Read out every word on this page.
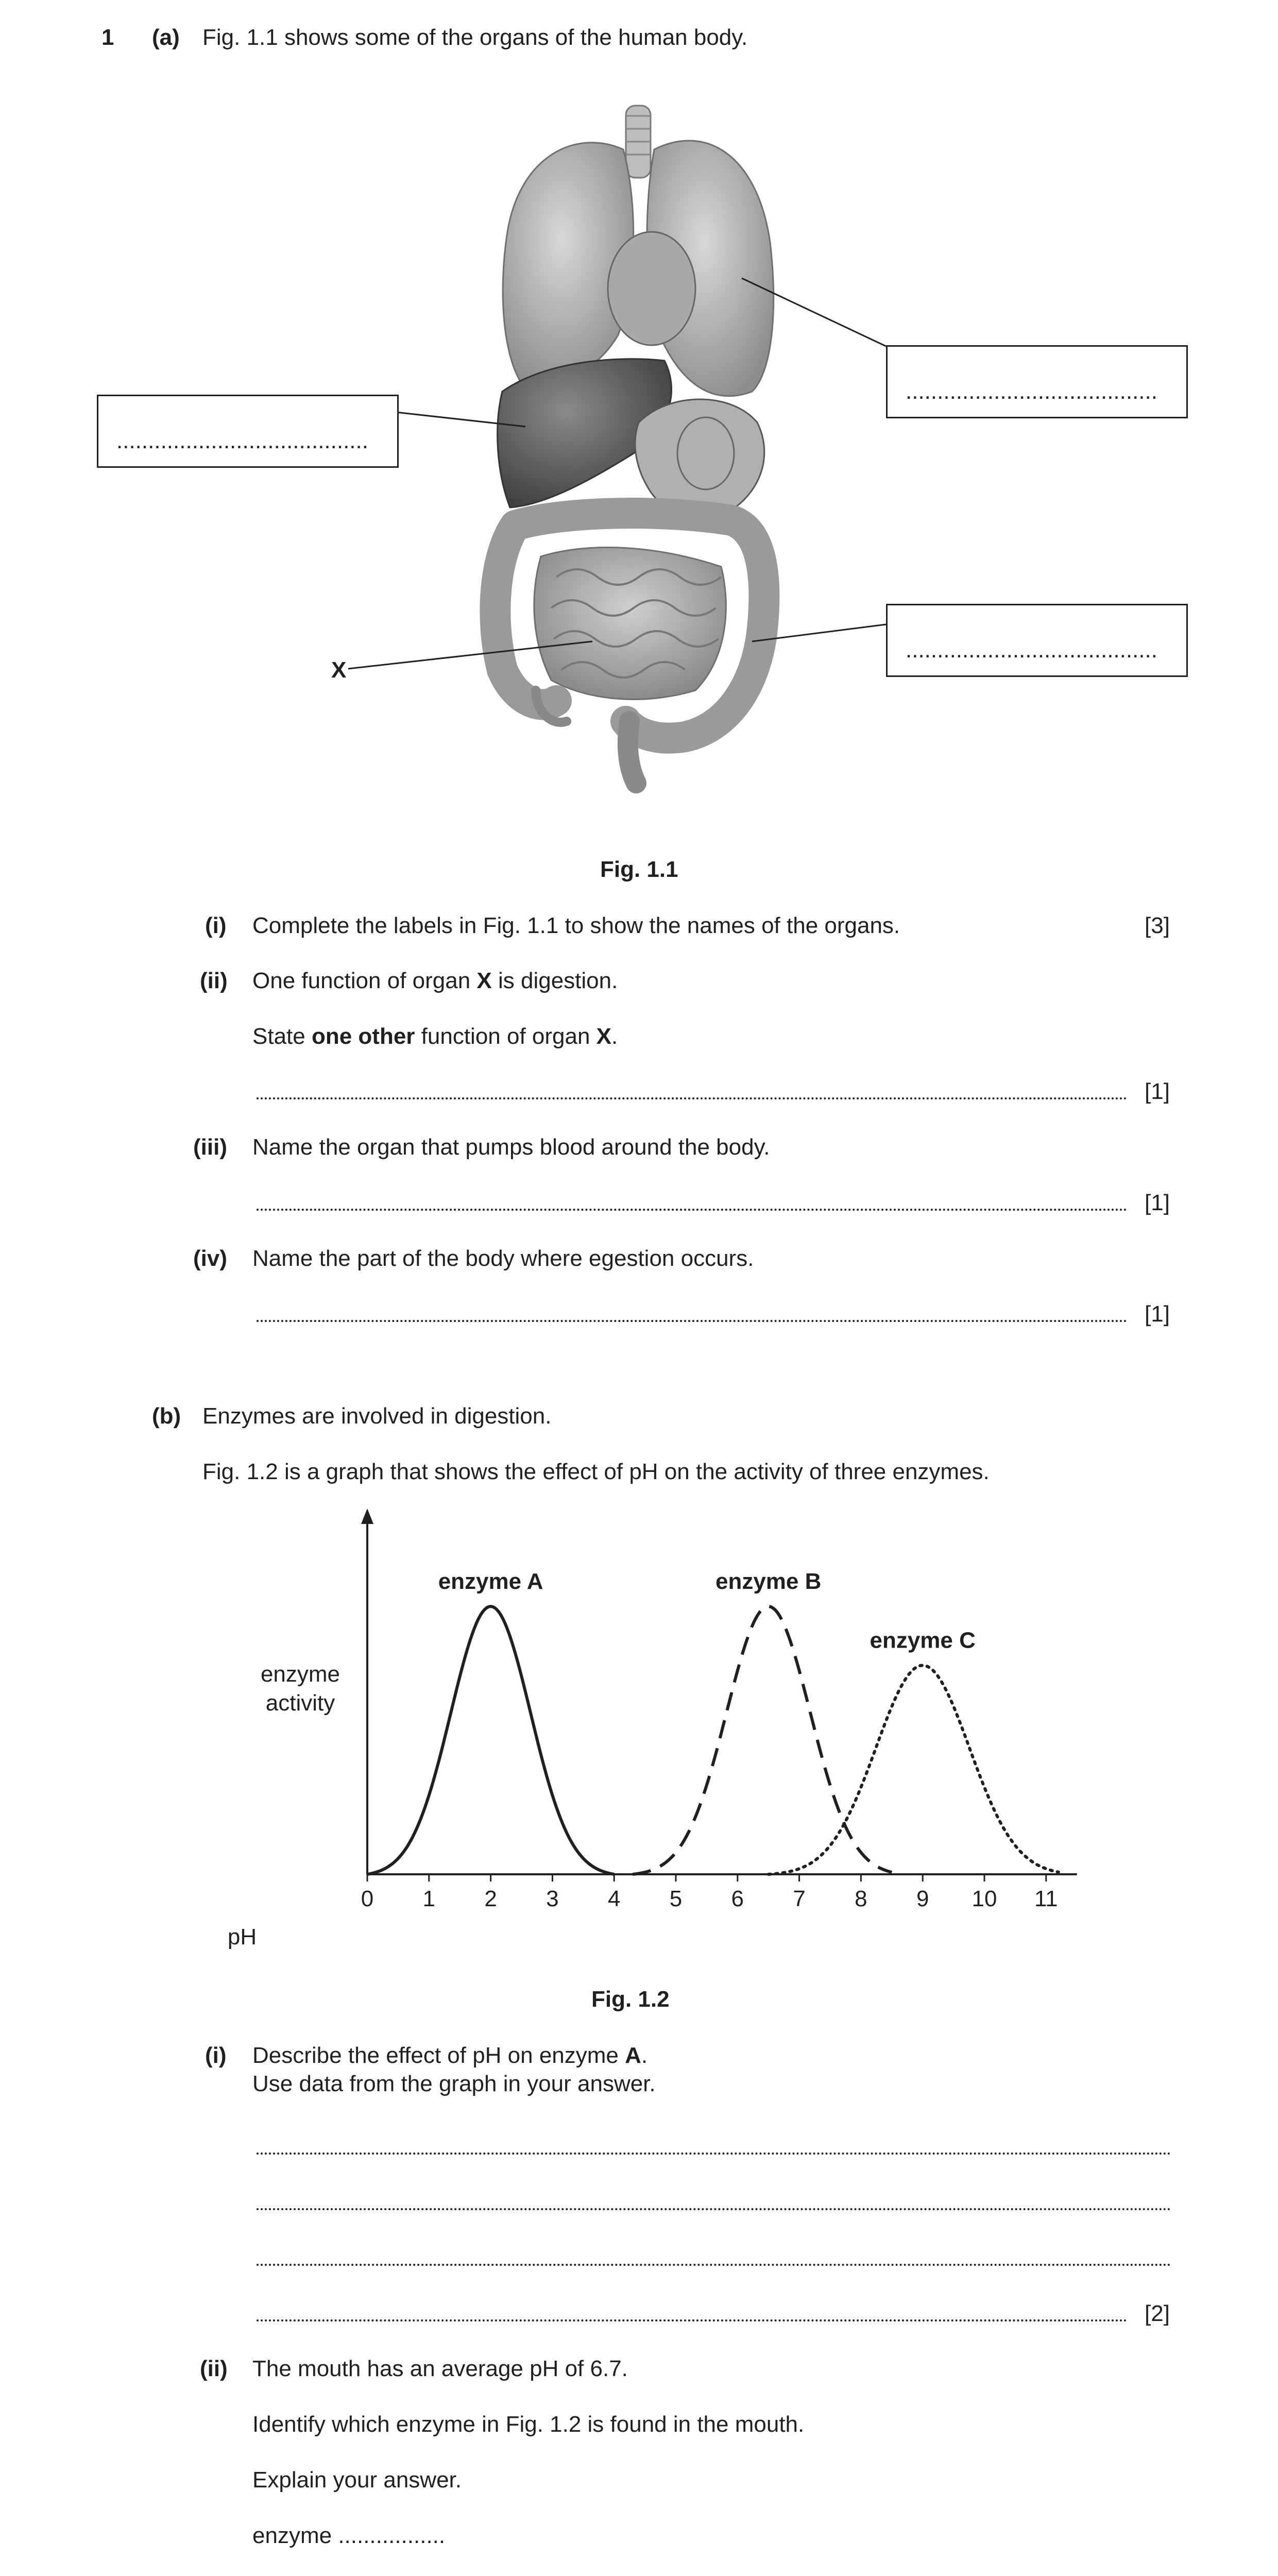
1 (a) Fig. 1.1 shows some of the organs of the human body.
........................................
........................................
........................................
X
Fig. 1.1
(i) Complete the labels in Fig. 1.1 to show the names of the organs.	[3]
(ii) One function of organ X is digestion.
State one other function of organ X.
[1]
(iii) Name the organ that pumps blood around the body.
[1]
(iv) Name the part of the body where egestion occurs.
[1]
(b) Enzymes are involved in digestion.
Fig. 1.2 is a graph that shows the effect of pH on the activity of three enzymes.
0 1 2 3 4 5 6 7 8 9 10 11
enzyme A	enzyme B
enzyme C
pH
enzyme activity
Fig. 1.2
(i) Describe the effect of pH on enzyme A.
Use data from the graph in your answer.
[2]
(ii) The mouth has an average pH of 6.7.
Identify which enzyme in Fig. 1.2 is found in the mouth.
Explain your answer.
enzyme .................
